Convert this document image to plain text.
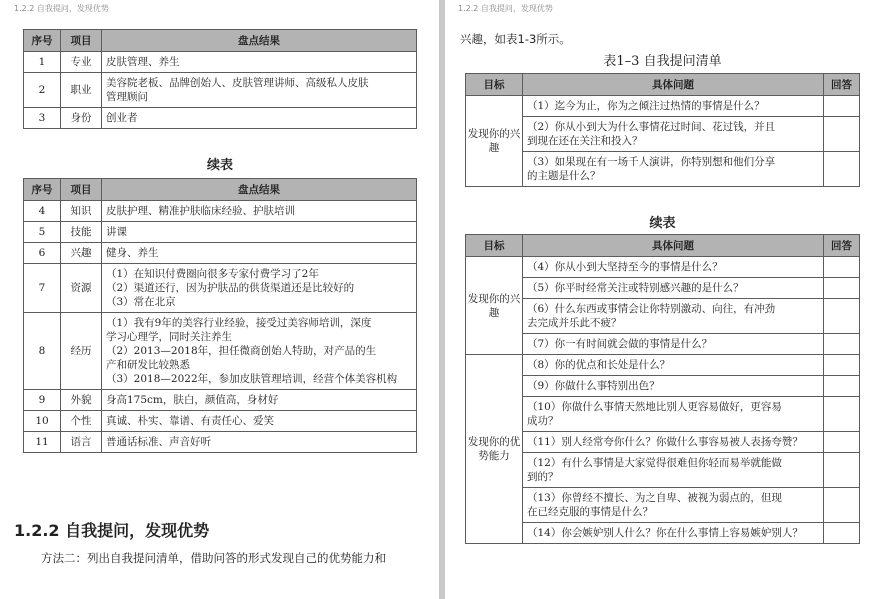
1.2.2 自我提问，发现优势
序号	项目	盘点结果
1	专业	皮肤管理、养生

2	职业	美容院老板、品牌创始人、皮肤管理讲师、高级私人皮肤
管理顾问

3	身份	创业者
续表
序号	项目	盘点结果
4	知识	皮肤护理、精准护肤临床经验、护肤培训

5	技能	讲课

6	兴趣	健身、养生

7	资源	（1）在知识付费圈向很多专家付费学习了2年
（2）渠道还行，因为护肤品的供货渠道还是比较好的
（3）常在北京

8	经历	（1）我有9年的美容行业经验，接受过美容师培训，深度
学习心理学，同时关注养生
（2）2013—2018年，担任微商创始人特助，对产品的生
产和研发比较熟悉
（3）2018—2022年，参加皮肤管理培训，经营个体美容机构

9	外貌	身高175cm，肤白，颜值高，身材好

10	个性	真诚、朴实、靠谱、有责任心、爱笑

11	语言	普通话标准、声音好听
1.2.2 自我提问，发现优势
方法二：列出自我提问清单，借助问答的形式发现自己的优势能力和
1.2.2 自我提问，发现优势
兴趣，如表1-3所示。
表1–3 自我提问清单
目标	具体问题	回答
发现你的兴趣	（1）迄今为止，你为之倾注过热情的事情是什么？	

	（2）你从小到大为什么事情花过时间、花过钱，并且
到现在还在关注和投入？	

	（3）如果现在有一场千人演讲，你特别想和他们分享
的主题是什么？	

续表
目标	具体问题	回答
发现你的兴趣	（4）你从小到大坚持至今的事情是什么？	

	（5）你平时经常关注或特别感兴趣的是什么？	

	（6）什么东西或事情会让你特别激动、向往，有冲劲
去完成并乐此不疲？	

	（7）你一有时间就会做的事情是什么？	

发现你的优势能力	（8）你的优点和长处是什么？	

	（9）你做什么事特别出色？	

	（10）你做什么事情天然地比别人更容易做好，更容易
成功？	

	（11）别人经常夸你什么？你做什么事容易被人表扬夸赞？	

	（12）有什么事情是大家觉得很难但你轻而易举就能做
到的？	

	（13）你曾经不擅长、为之自卑、被视为弱点的，但现
在已经克服的事情是什么？	

	（14）你会嫉妒别人什么？你在什么事情上容易嫉妒别人？	
